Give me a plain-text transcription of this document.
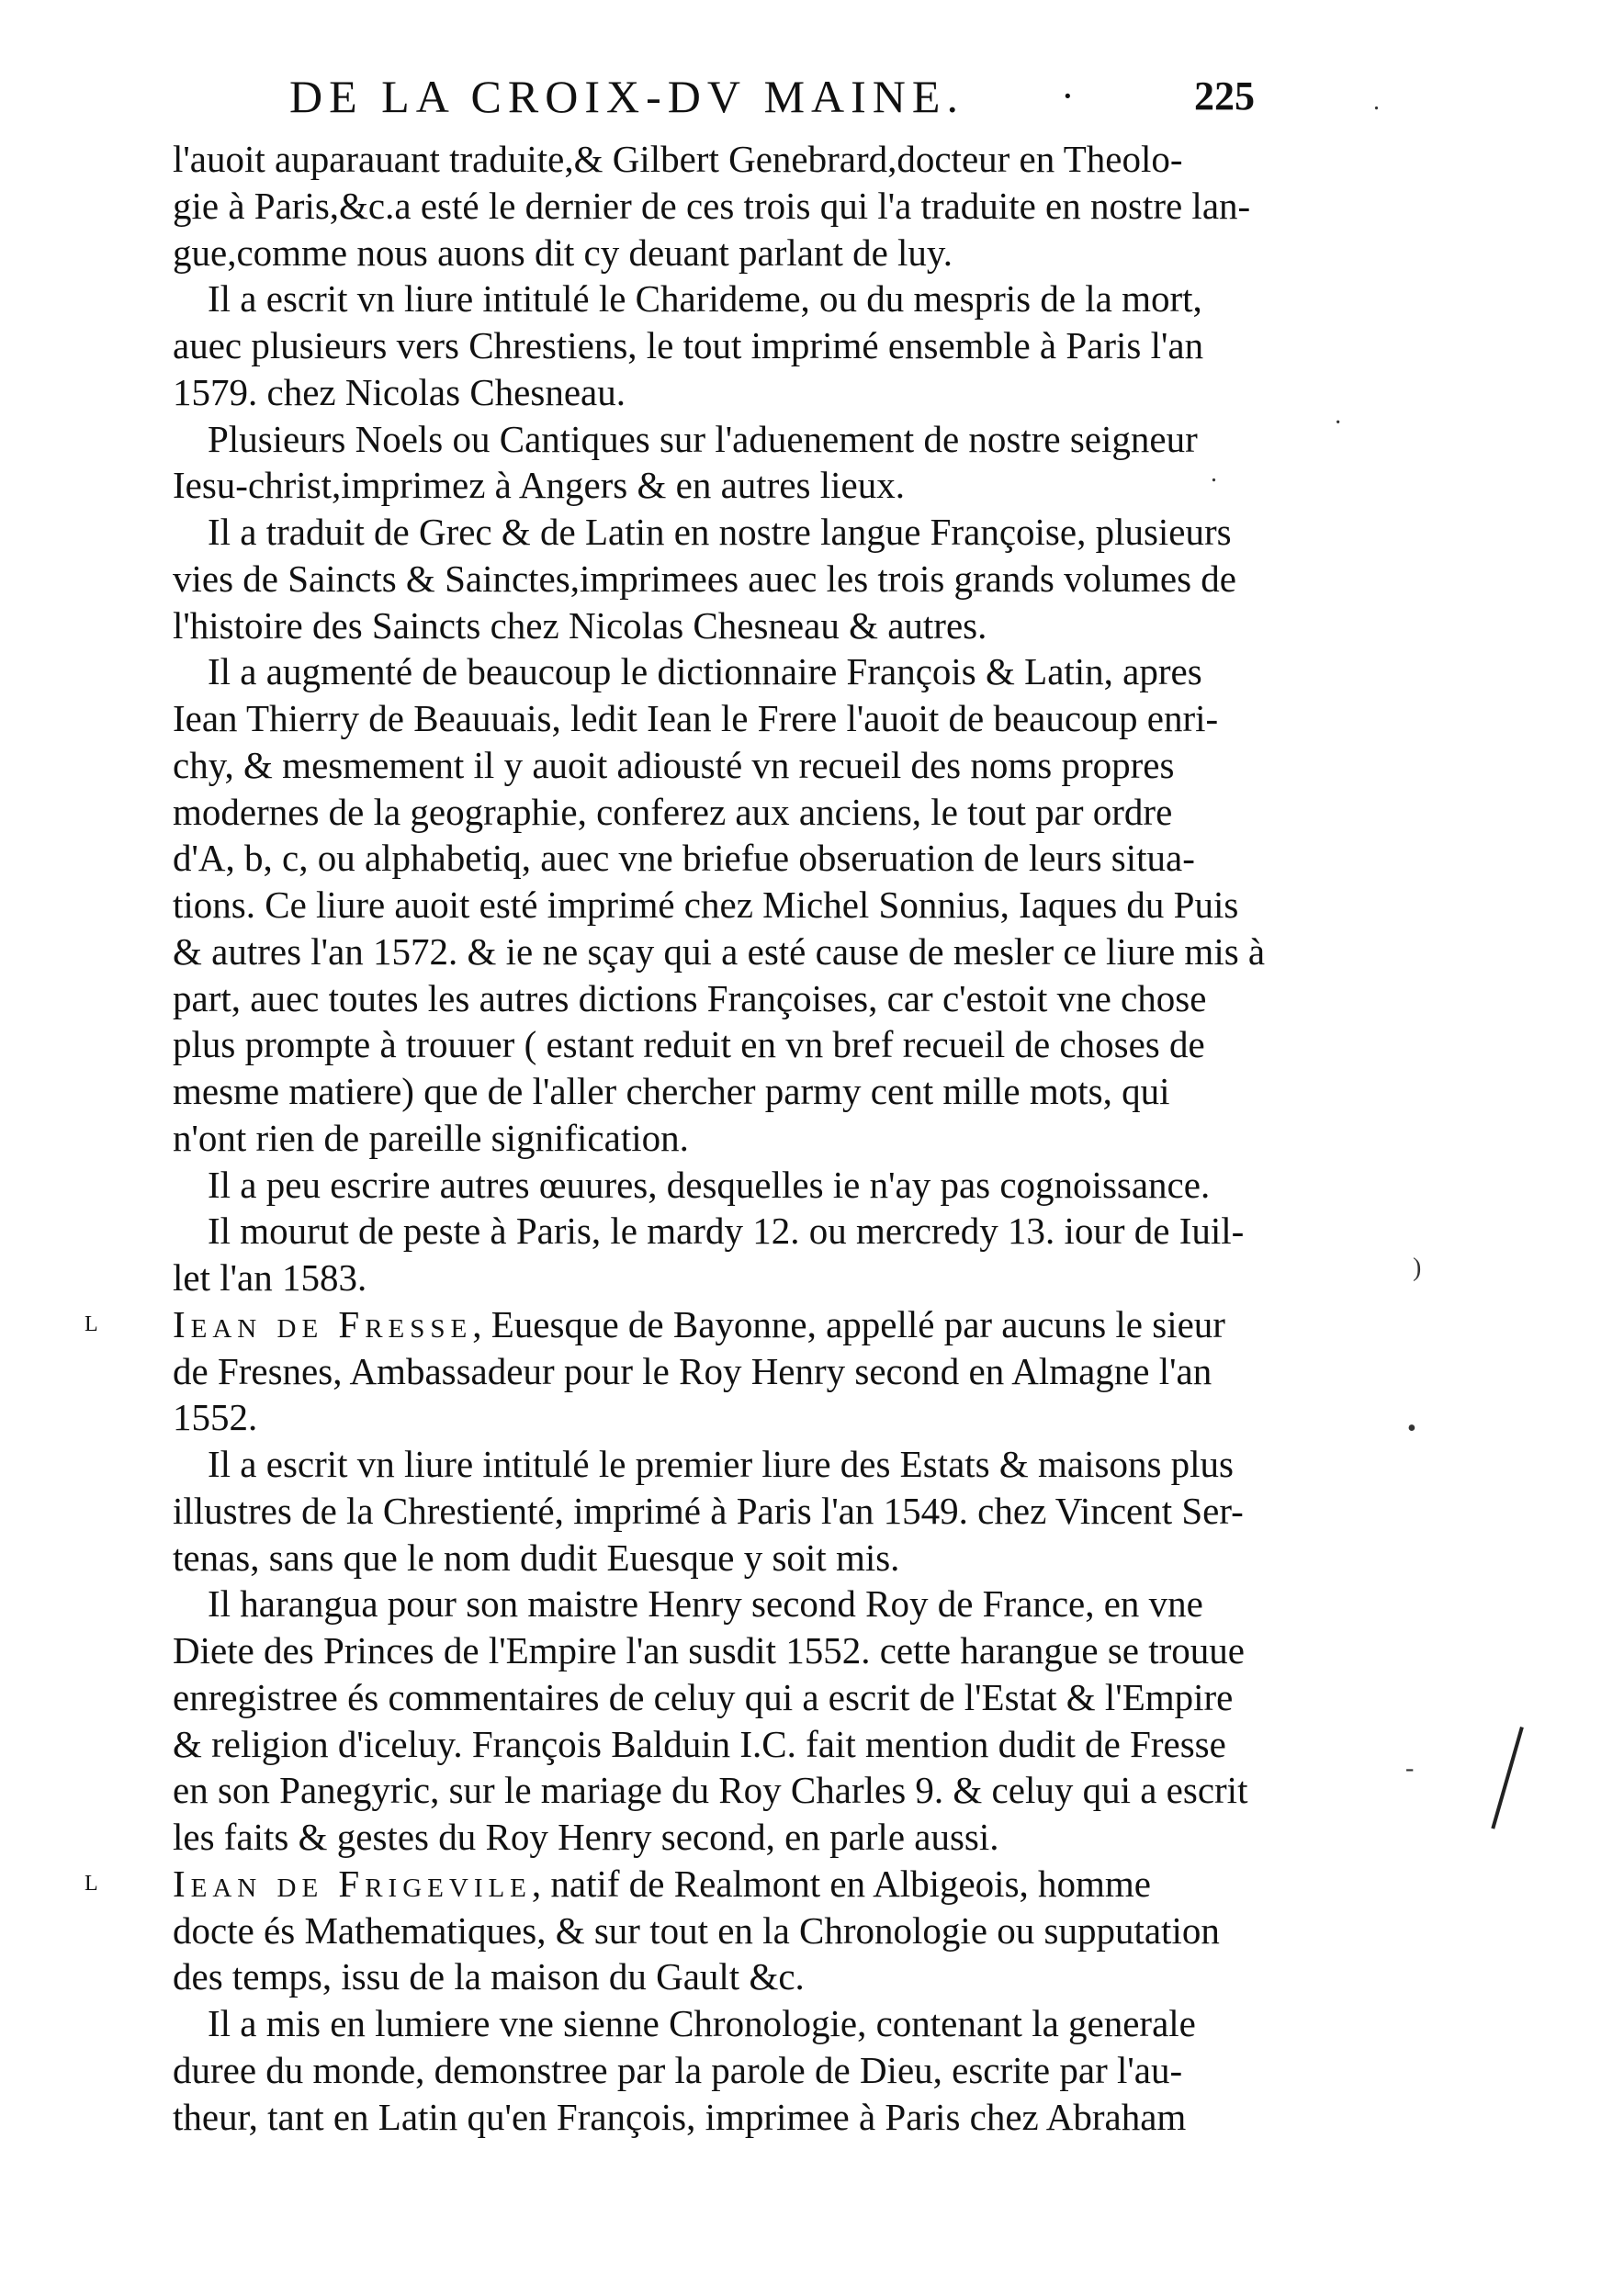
DE LA CROIX-DV MAINE. ·	225
l'auoit auparauant traduite,& Gilbert Genebrard,docteur en Theolo-
gie à Paris,&c.a esté le dernier de ces trois qui l'a traduite en nostre lan-
gue,comme nous auons dit cy deuant parlant de luy.
Il a escrit vn liure intitulé le Charideme, ou du mespris de la mort,
auec plusieurs vers Chrestiens, le tout imprimé ensemble à Paris l'an
1579. chez Nicolas Chesneau.
Plusieurs Noels ou Cantiques sur l'aduenement de nostre seigneur
Iesu-christ,imprimez à Angers & en autres lieux.
Il a traduit de Grec & de Latin en nostre langue Françoise, plusieurs
vies de Saincts & Sainctes,imprimees auec les trois grands volumes de
l'histoire des Saincts chez Nicolas Chesneau & autres.
Il a augmenté de beaucoup le dictionnaire François & Latin, apres
Iean Thierry de Beauuais, ledit Iean le Frere l'auoit de beaucoup enri-
chy, & mesmement il y auoit adiousté vn recueil des noms propres
modernes de la geographie, conferez aux anciens, le tout par ordre
d'A, b, c, ou alphabetiq, auec vne briefue obseruation de leurs situa-
tions. Ce liure auoit esté imprimé chez Michel Sonnius, Iaques du Puis
& autres l'an 1572. & ie ne sçay qui a esté cause de mesler ce liure mis à
part, auec toutes les autres dictions Françoises, car c'estoit vne chose
plus prompte à trouuer ( estant reduit en vn bref recueil de choses de
mesme matiere) que de l'aller chercher parmy cent mille mots, qui
n'ont rien de pareille signification.
Il a peu escrire autres œuures, desquelles ie n'ay pas cognoissance.
Il mourut de peste à Paris, le mardy 12. ou mercredy 13. iour de Iuil-
let l'an 1583.
L Iean de Fresse, Euesque de Bayonne, appellé par aucuns le sieur
de Fresnes, Ambassadeur pour le Roy Henry second en Almagne l'an
1552.
Il a escrit vn liure intitulé le premier liure des Estats & maisons plus
illustres de la Chrestienté, imprimé à Paris l'an 1549. chez Vincent Ser-
tenas, sans que le nom dudit Euesque y soit mis.
Il harangua pour son maistre Henry second Roy de France, en vne
Diete des Princes de l'Empire l'an susdit 1552. cette harangue se trouue
enregistree és commentaires de celuy qui a escrit de l'Estat & l'Empire
& religion d'iceluy. François Balduin I.C. fait mention dudit de Fresse
en son Panegyric, sur le mariage du Roy Charles 9. & celuy qui a escrit
les faits & gestes du Roy Henry second, en parle aussi.
L Iean de Frigevile, natif de Realmont en Albigeois, homme
docte és Mathematiques, & sur tout en la Chronologie ou supputation
des temps, issu de la maison du Gault &c.
Il a mis en lumiere vne sienne Chronologie, contenant la generale
duree du monde, demonstree par la parole de Dieu, escrite par l'au-
theur, tant en Latin qu'en François, imprimee à Paris chez Abraham
.
·
.
)
•
-
